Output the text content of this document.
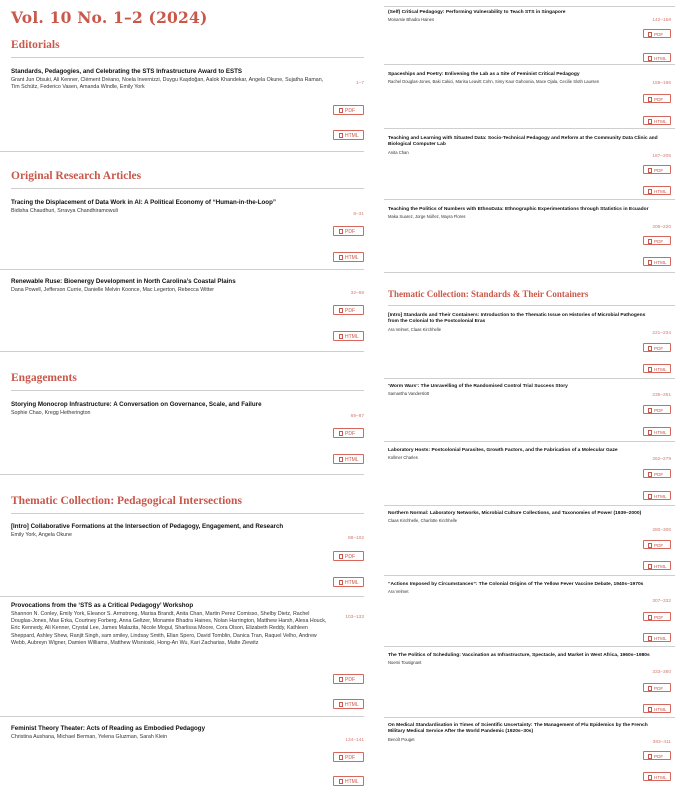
Vol. 10 No. 1–2 (2024)
Editorials
Standards, Pedagogies, and Celebrating the STS Infrastructure Award to ESTS
Grant Jun Otsuki, Ali Kenner, Clément Dréano, Noela Invernizzi, Duygu Kaşdoğan, Aalok Khandekar, Angela Okune, Sujatha Raman, Tim Schütz, Federico Vasen, Amanda Windle, Emily York
1–7
PDF
HTML
Original Research Articles
Tracing the Displacement of Data Work in AI: A Political Economy of “Human-in-the-Loop”
Bidisha Chaudhuri, Srravya Chandhiramowuli
8–31
PDF
HTML
Renewable Ruse: Bioenergy Development in North Carolina’s Coastal Plains
Dana Powell, Jefferson Currie, Danielle Melvin Koonce, Mac Legerton, Rebecca Witter
32–68
PDF
HTML
Engagements
Storying Monocrop Infrastructure: A Conversation on Governance, Scale, and Failure
Sophie Chao, Kregg Hetherington
69–87
PDF
HTML
Thematic Collection: Pedagogical Intersections
[Intro] Collaborative Formations at the Intersection of Pedagogy, Engagement, and Research
Emily York, Angela Okune
88–102
PDF
HTML
Provocations from the ‘STS as a Critical Pedagogy’ Workshop
Shannon N. Conley, Emily York, Eleanor S. Armstrong, Marisa Brandt, Anita Chan, Martin Perez Comisso, Shelby Dietz, Rachel Douglas-Jones, Max Eτka, Courtney Forberg, Anna Geltzer, Monamie Bhadra Haines, Nolan Harrington, Matthew Harsh, Alexa Houck, Eric Kennedy, Ali Kenner, Crystal Lee, James Malazita, Nicole Mogul, Sharlissa Moore, Cora Olson, Elizabeth Reddy, Kathleen Sheppard, Ashley Shew, Ranjit Singh, sam smiley, Lindsay Smith, Ellan Spero, David Tomblin, Danica Tran, Raquel Velho, Andrew Webb, Aubreyn Wigner, Damien Williams, Matthew Wisnioski, Hong-An Wu, Kari Zacharias, Malte Ziewitz
103–133
PDF
HTML
Feminist Theory Theater: Acts of Reading as Embodied Pedagogy
Christina Aushana, Michael Berman, Yelena Gluzman, Sarah Klein
134–141
PDF
HTML
(Self) Critical Pedagogy: Performing Vulnerability to Teach STS in Singapore
Monamie Bhadra Haines	142–158
PDF
HTML
Spaceships and Poetry: Enlivening the Lab as a Site of Feminist Critical Pedagogy
Rachel Douglas-Jones, Baki Cakici, Marisa Leavitt Cohn, Simy Kaur Gahoonia, Mace Ojala, Cecilie Sloth Laursen	159–186
PDF
HTML
Teaching and Learning with Situated Data: Socio-Technical Pedagogy and Reform at the Community Data Clinic and Biological Computer Lab
Anita Chan
187–205
PDF
HTML
Teaching the Politics of Numbers with EthnoData: Ethnographic Experimentations through Statistics in Ecuador
Maka Suarez, Jorge Núñez, Mayra Flores
206–220
PDF
HTML
Thematic Collection: Standards & Their Containers
[Intro] Standards and Their Containers: Introduction to the Thematic Issue on Histories of Microbial Pathogens from the Colonial to the Postcolonial Eras
Ara Velmet, Claas Kirchhelle
221–234
PDF
HTML
‘Worm Wars’: The Unravelling of the Randomised Control Trial Success Story
Samantha Vanderslott	235–261
PDF
HTML
Laboratory Hosts: Postcolonial Parasites, Growth Factors, and the Fabrication of a Molecular Gaze
Kollmer Charles	262–279
PDF
HTML
Northern Normal: Laboratory Networks, Microbial Culture Collections, and Taxonomies of Power (1939–2000)
Claas Kirchhelle, Charlotte Kirchhelle
280–306
PDF
HTML
“Actions Imposed by Circumstances”: The Colonial Origins of The Yellow Fever Vaccine Debate, 1940s–1970s
Ara Velmet
307–332
PDF
HTML
The The Politics of Scheduling: Vaccination as Infrastructure, Spectacle, and Market in West Africa, 1960s–1980s
Noemi Tousignant
333–360
PDF
HTML
On Medical Standardisation in Times of Scientific Uncertainty: The Management of Flu Epidemics by the French Military Medical Service After the World Pandemic (1920s–30s)
Benoît Pouget
383–411
PDF
HTML
